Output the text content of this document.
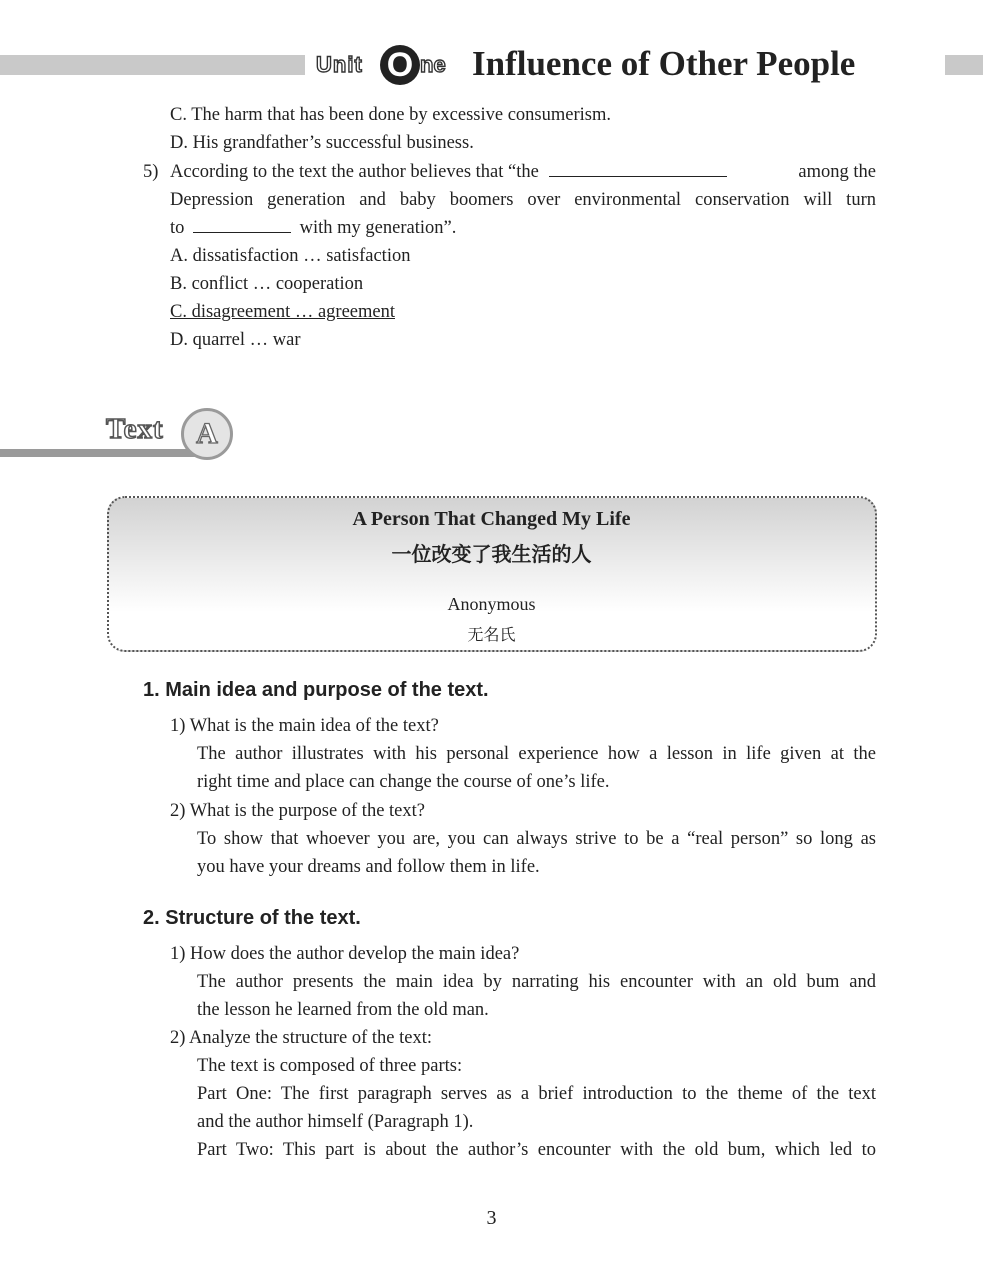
Unit O ne Influence of Other People
C. The harm that has been done by excessive consumerism.
D. His grandfather’s successful business.
5) According to the text the author believes that “the	among the
Depression generation and baby boomers over environmental conservation will turn
to	with my generation”.
A. dissatisfaction … satisfaction
B. conflict … cooperation
C. disagreement … agreement
D. quarrel … war
Text	A
A Person That Changed My Life
一位改变了我生活的人
Anonymous
无名氏
1. Main idea and purpose of the text.
1) What is the main idea of the text?
The author illustrates with his personal experience how a lesson in life given at the
right time and place can change the course of one’s life.
2) What is the purpose of the text?
To show that whoever you are, you can always strive to be a “real person” so long as
you have your dreams and follow them in life.
2. Structure of the text.
1) How does the author develop the main idea?
The author presents the main idea by narrating his encounter with an old bum and
the lesson he learned from the old man.
2) Analyze the structure of the text:
The text is composed of three parts:
Part One: The first paragraph serves as a brief introduction to the theme of the text
and the author himself (Paragraph 1).
Part Two: This part is about the author’s encounter with the old bum, which led to
3
